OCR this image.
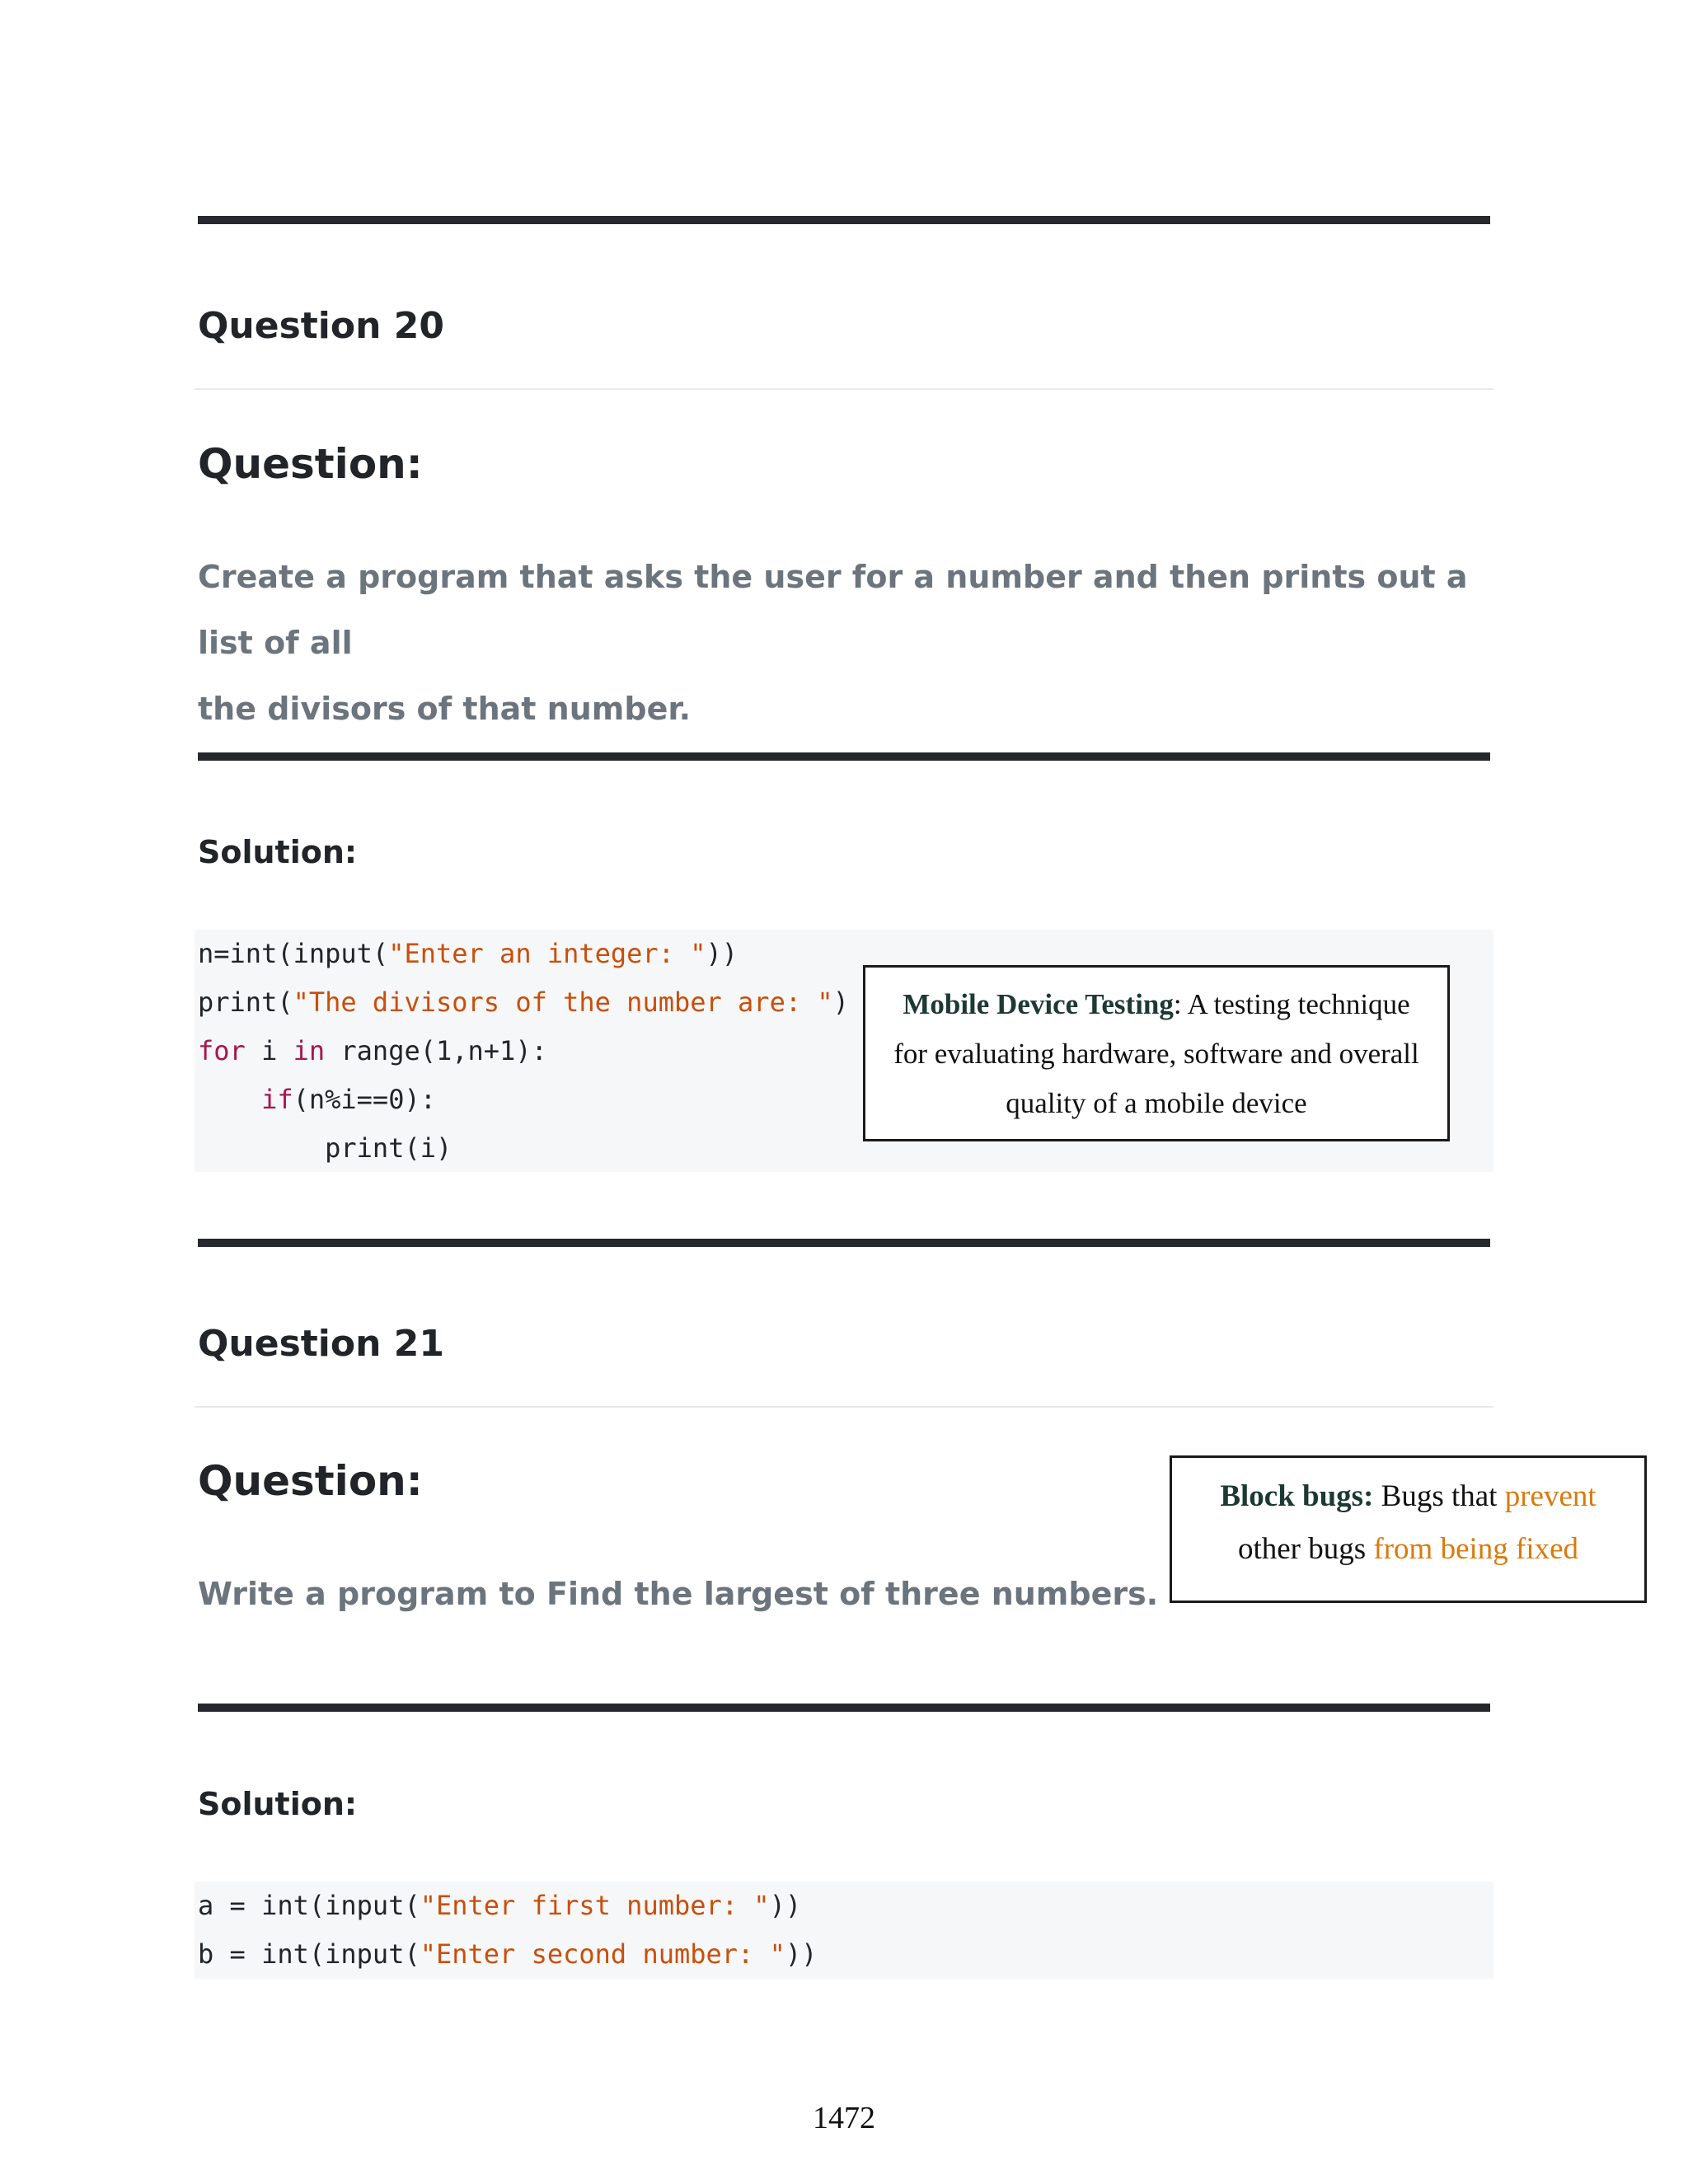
Question 20
Question:
Create a program that asks the user for a number and then prints out a list of all
the divisors of that number.
Solution:
n=int(input("Enter an integer: "))
print("The divisors of the number are: ")
for i in range(1,n+1):
if(n%i==0):
print(i)
Mobile Device Testing: A testing technique
for evaluating hardware, software and overall
quality of a mobile device
Question 21
Question:
Write a program to Find the largest of three numbers.
Block bugs: Bugs that prevent
other bugs from being fixed
Solution:
a = int(input("Enter first number: "))
b = int(input("Enter second number: "))
1472
